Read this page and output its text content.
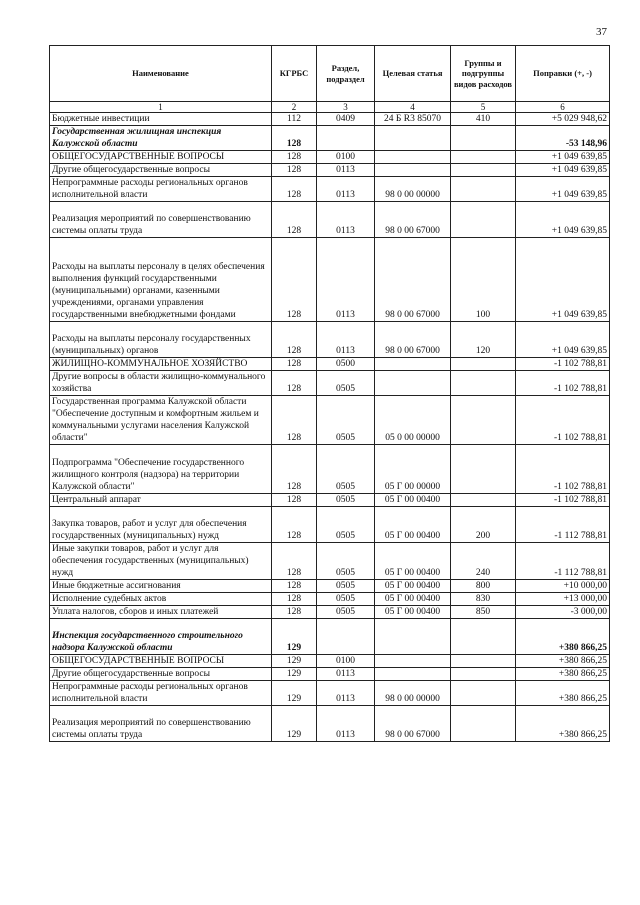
37
Наименование	КГРБС	Раздел, подраздел	Целевая статья	Группы и подгруппы видов расходов	Поправки (+, -)
1	2	3	4	5	6
Бюджетные инвестиции	112	0409	24 Б R3 85070	410	+5 029 948,62
Государственная жилищная инспекция Калужской области	128				-53 148,96
ОБЩЕГОСУДАРСТВЕННЫЕ ВОПРОСЫ	128	0100			+1 049 639,85
Другие общегосударственные вопросы	128	0113			+1 049 639,85
Непрограммные расходы региональных органов исполнительной власти	128	0113	98 0 00 00000		+1 049 639,85
Реализация мероприятий по совершенствованию системы оплаты труда	128	0113	98 0 00 67000		+1 049 639,85
Расходы на выплаты персоналу в целях обеспечения выполнения функций государственными (муниципальными) органами, казенными учреждениями, органами управления государственными внебюджетными фондами	128	0113	98 0 00 67000	100	+1 049 639,85
Расходы на выплаты персоналу государственных (муниципальных) органов	128	0113	98 0 00 67000	120	+1 049 639,85
ЖИЛИЩНО-КОММУНАЛЬНОЕ ХОЗЯЙСТВО	128	0500			-1 102 788,81
Другие вопросы в области жилищно-коммунального хозяйства	128	0505			-1 102 788,81
Государственная программа Калужской области "Обеспечение доступным и комфортным жильем и коммунальными услугами населения Калужской области"	128	0505	05 0 00 00000		-1 102 788,81
Подпрограмма "Обеспечение государственного жилищного контроля (надзора) на территории Калужской области"	128	0505	05 Г 00 00000		-1 102 788,81
Центральный аппарат	128	0505	05 Г 00 00400		-1 102 788,81
Закупка товаров, работ и услуг для обеспечения государственных (муниципальных) нужд	128	0505	05 Г 00 00400	200	-1 112 788,81
Иные закупки товаров, работ и услуг для обеспечения государственных (муниципальных) нужд	128	0505	05 Г 00 00400	240	-1 112 788,81
Иные бюджетные ассигнования	128	0505	05 Г 00 00400	800	+10 000,00
Исполнение судебных актов	128	0505	05 Г 00 00400	830	+13 000,00
Уплата налогов, сборов и иных платежей	128	0505	05 Г 00 00400	850	-3 000,00
Инспекция государственного строительного надзора Калужской области	129				+380 866,25
ОБЩЕГОСУДАРСТВЕННЫЕ ВОПРОСЫ	129	0100			+380 866,25
Другие общегосударственные вопросы	129	0113			+380 866,25
Непрограммные расходы региональных органов исполнительной власти	129	0113	98 0 00 00000		+380 866,25
Реализация мероприятий по совершенствованию системы оплаты труда	129	0113	98 0 00 67000		+380 866,25
